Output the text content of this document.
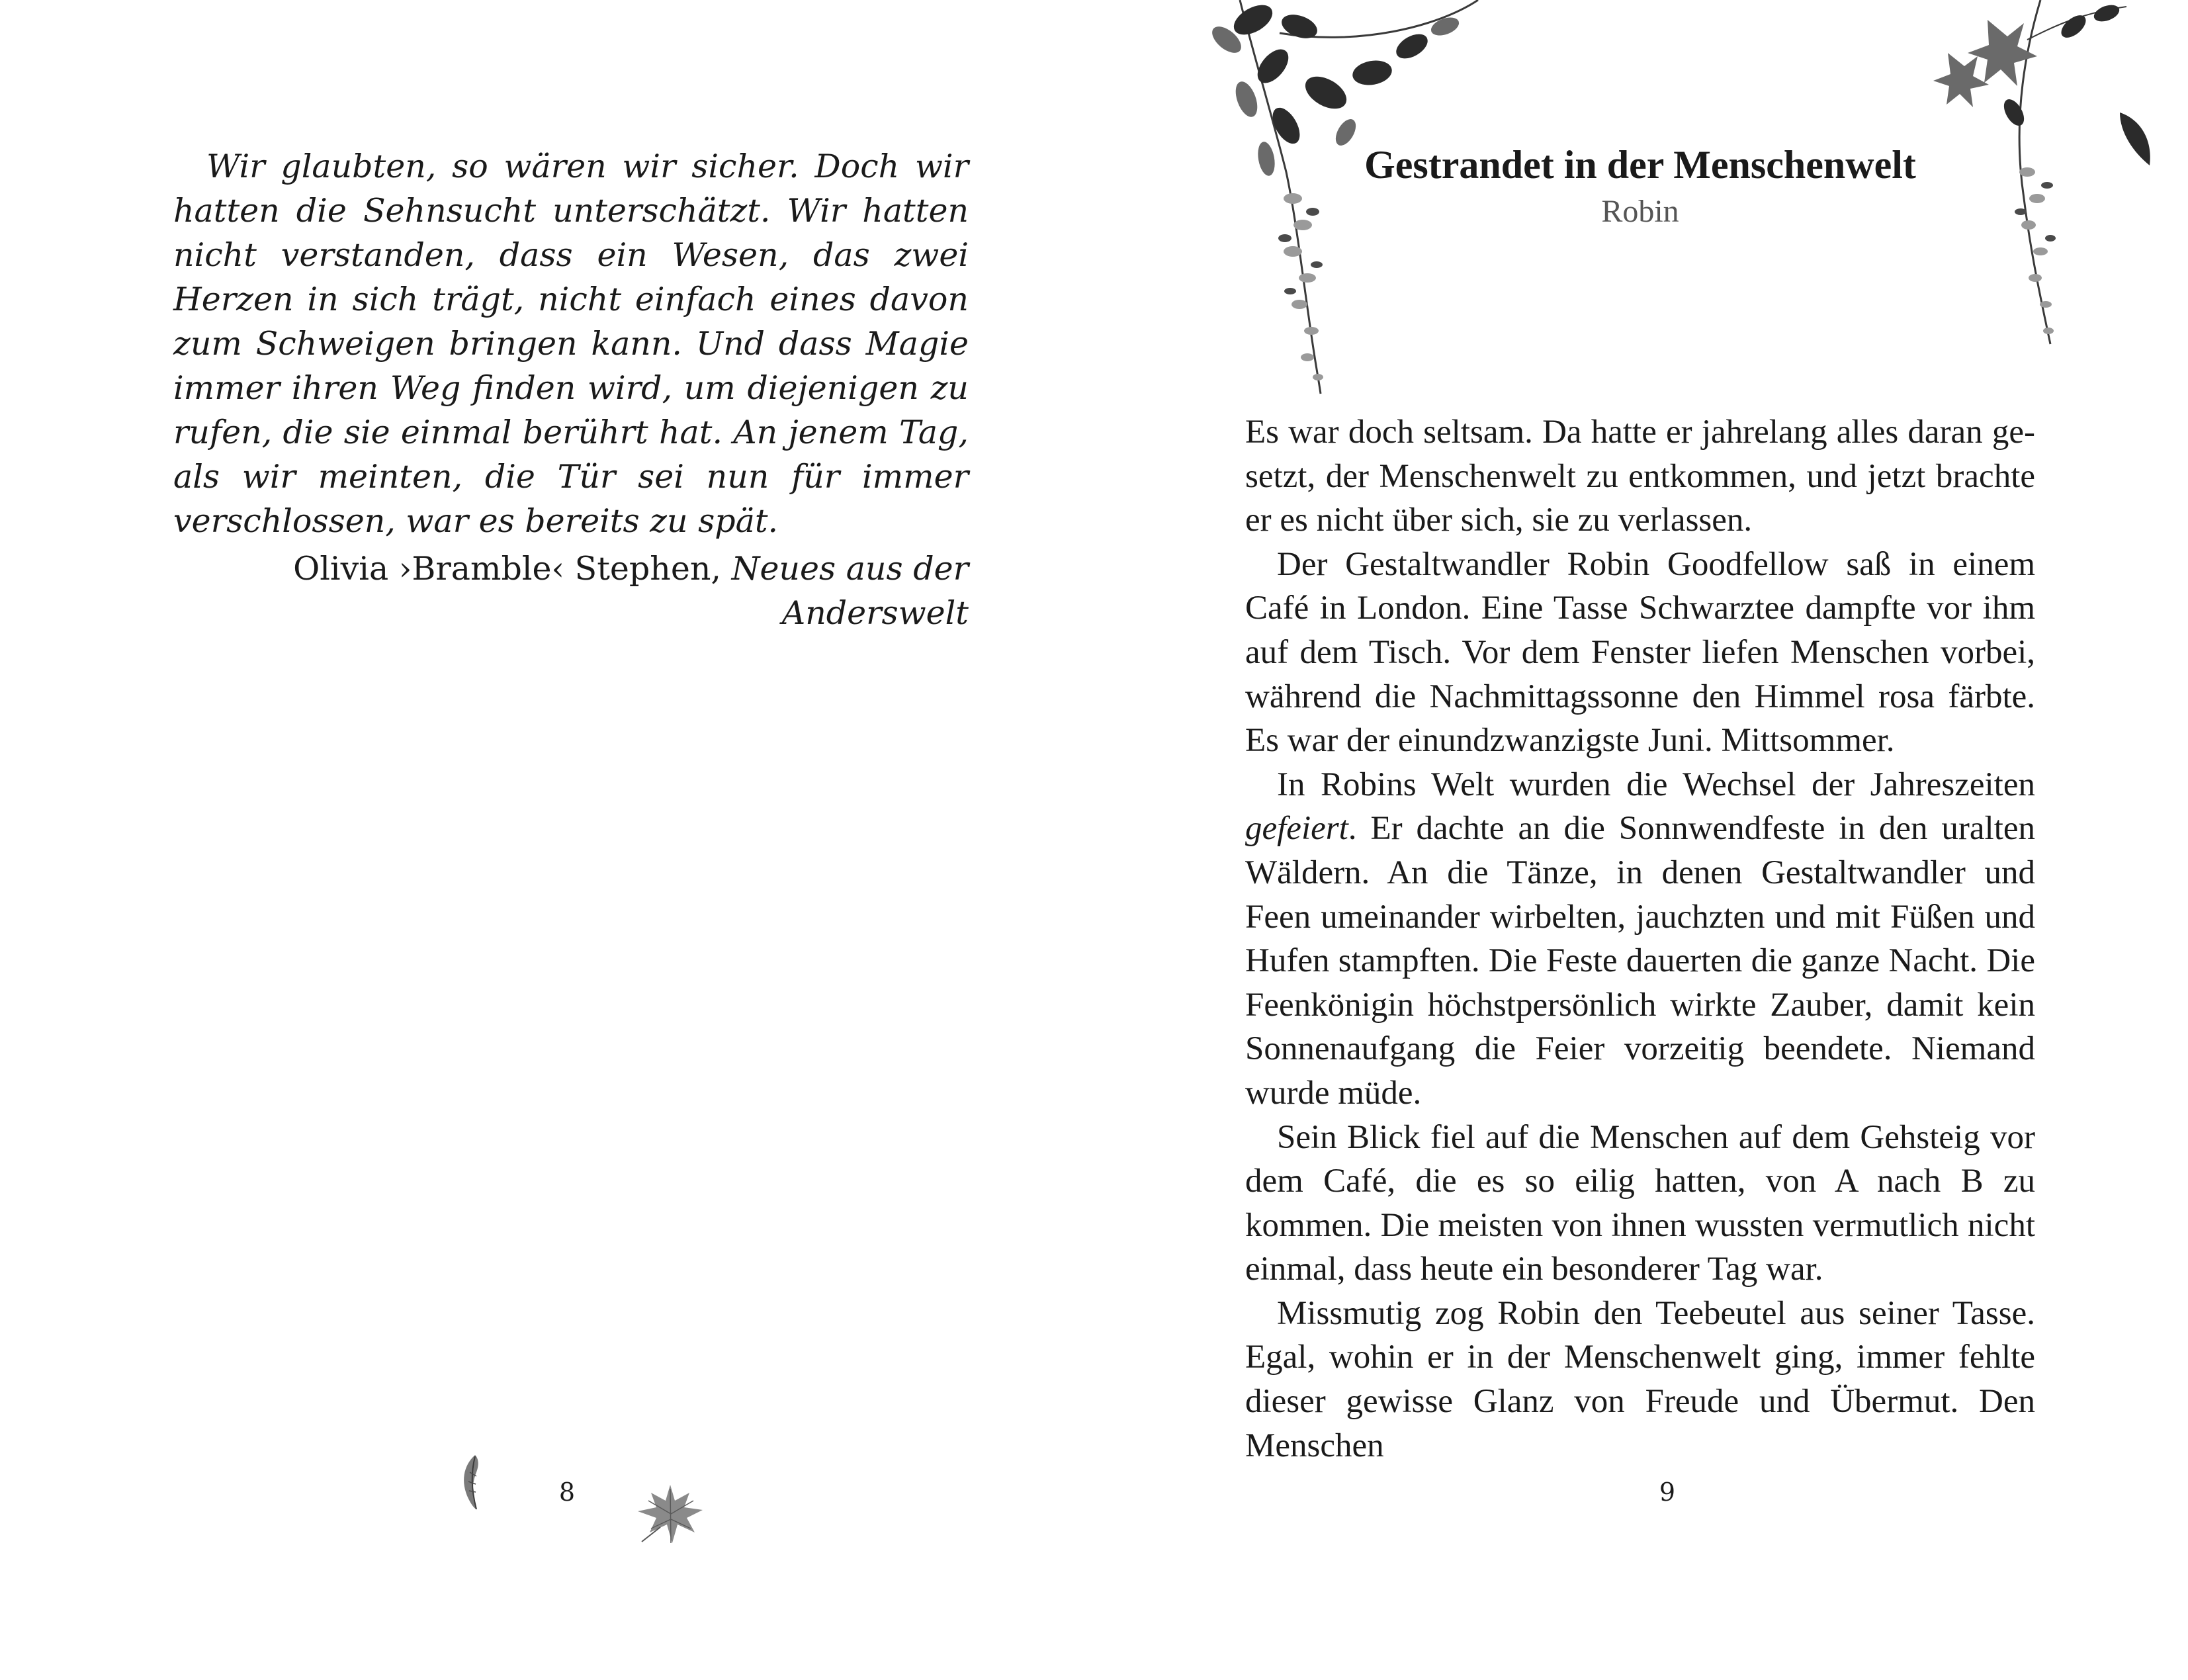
Wir glaubten, so wären wir sicher. Doch wir hatten die Sehnsucht unterschätzt. Wir hatten nicht verstanden, dass ein Wesen, das zwei Herzen in sich trägt, nicht einfach eines davon zum Schweigen bringen kann. Und dass Magie immer ihren Weg finden wird, um diejenigen zu rufen, die sie einmal berührt hat. An jenem Tag, als wir meinten, die Tür sei nun für immer verschlossen, war es bereits zu spät.

Olivia ›Bramble‹ Stephen, Neues aus der Anderswelt

8

Gestrandet in der Menschenwelt

Robin

Es war doch seltsam. Da hatte er jahrelang alles daran gesetzt, der Menschenwelt zu entkommen, und jetzt brachte er es nicht über sich, sie zu verlassen.

Der Gestaltwandler Robin Goodfellow saß in einem Café in London. Eine Tasse Schwarztee dampfte vor ihm auf dem Tisch. Vor dem Fenster liefen Menschen vorbei, während die Nachmittagssonne den Himmel rosa färbte. Es war der einundzwanzigste Juni. Mittsommer.

In Robins Welt wurden die Wechsel der Jahreszeiten gefeiert. Er dachte an die Sonnwendfeste in den uralten Wäldern. An die Tänze, in denen Gestaltwandler und Feen umeinander wirbelten, jauchzten und mit Füßen und Hufen stampften. Die Feste dauerten die ganze Nacht. Die Feenkönigin höchstpersönlich wirkte Zauber, damit kein Sonnenaufgang die Feier vorzeitig beendete. Niemand wurde müde.

Sein Blick fiel auf die Menschen auf dem Gehsteig vor dem Café, die es so eilig hatten, von A nach B zu kommen. Die meisten von ihnen wussten vermutlich nicht einmal, dass heute ein besonderer Tag war.

Missmutig zog Robin den Teebeutel aus seiner Tasse. Egal, wohin er in der Menschenwelt ging, immer fehlte dieser gewisse Glanz von Freude und Übermut. Den Menschen

9
